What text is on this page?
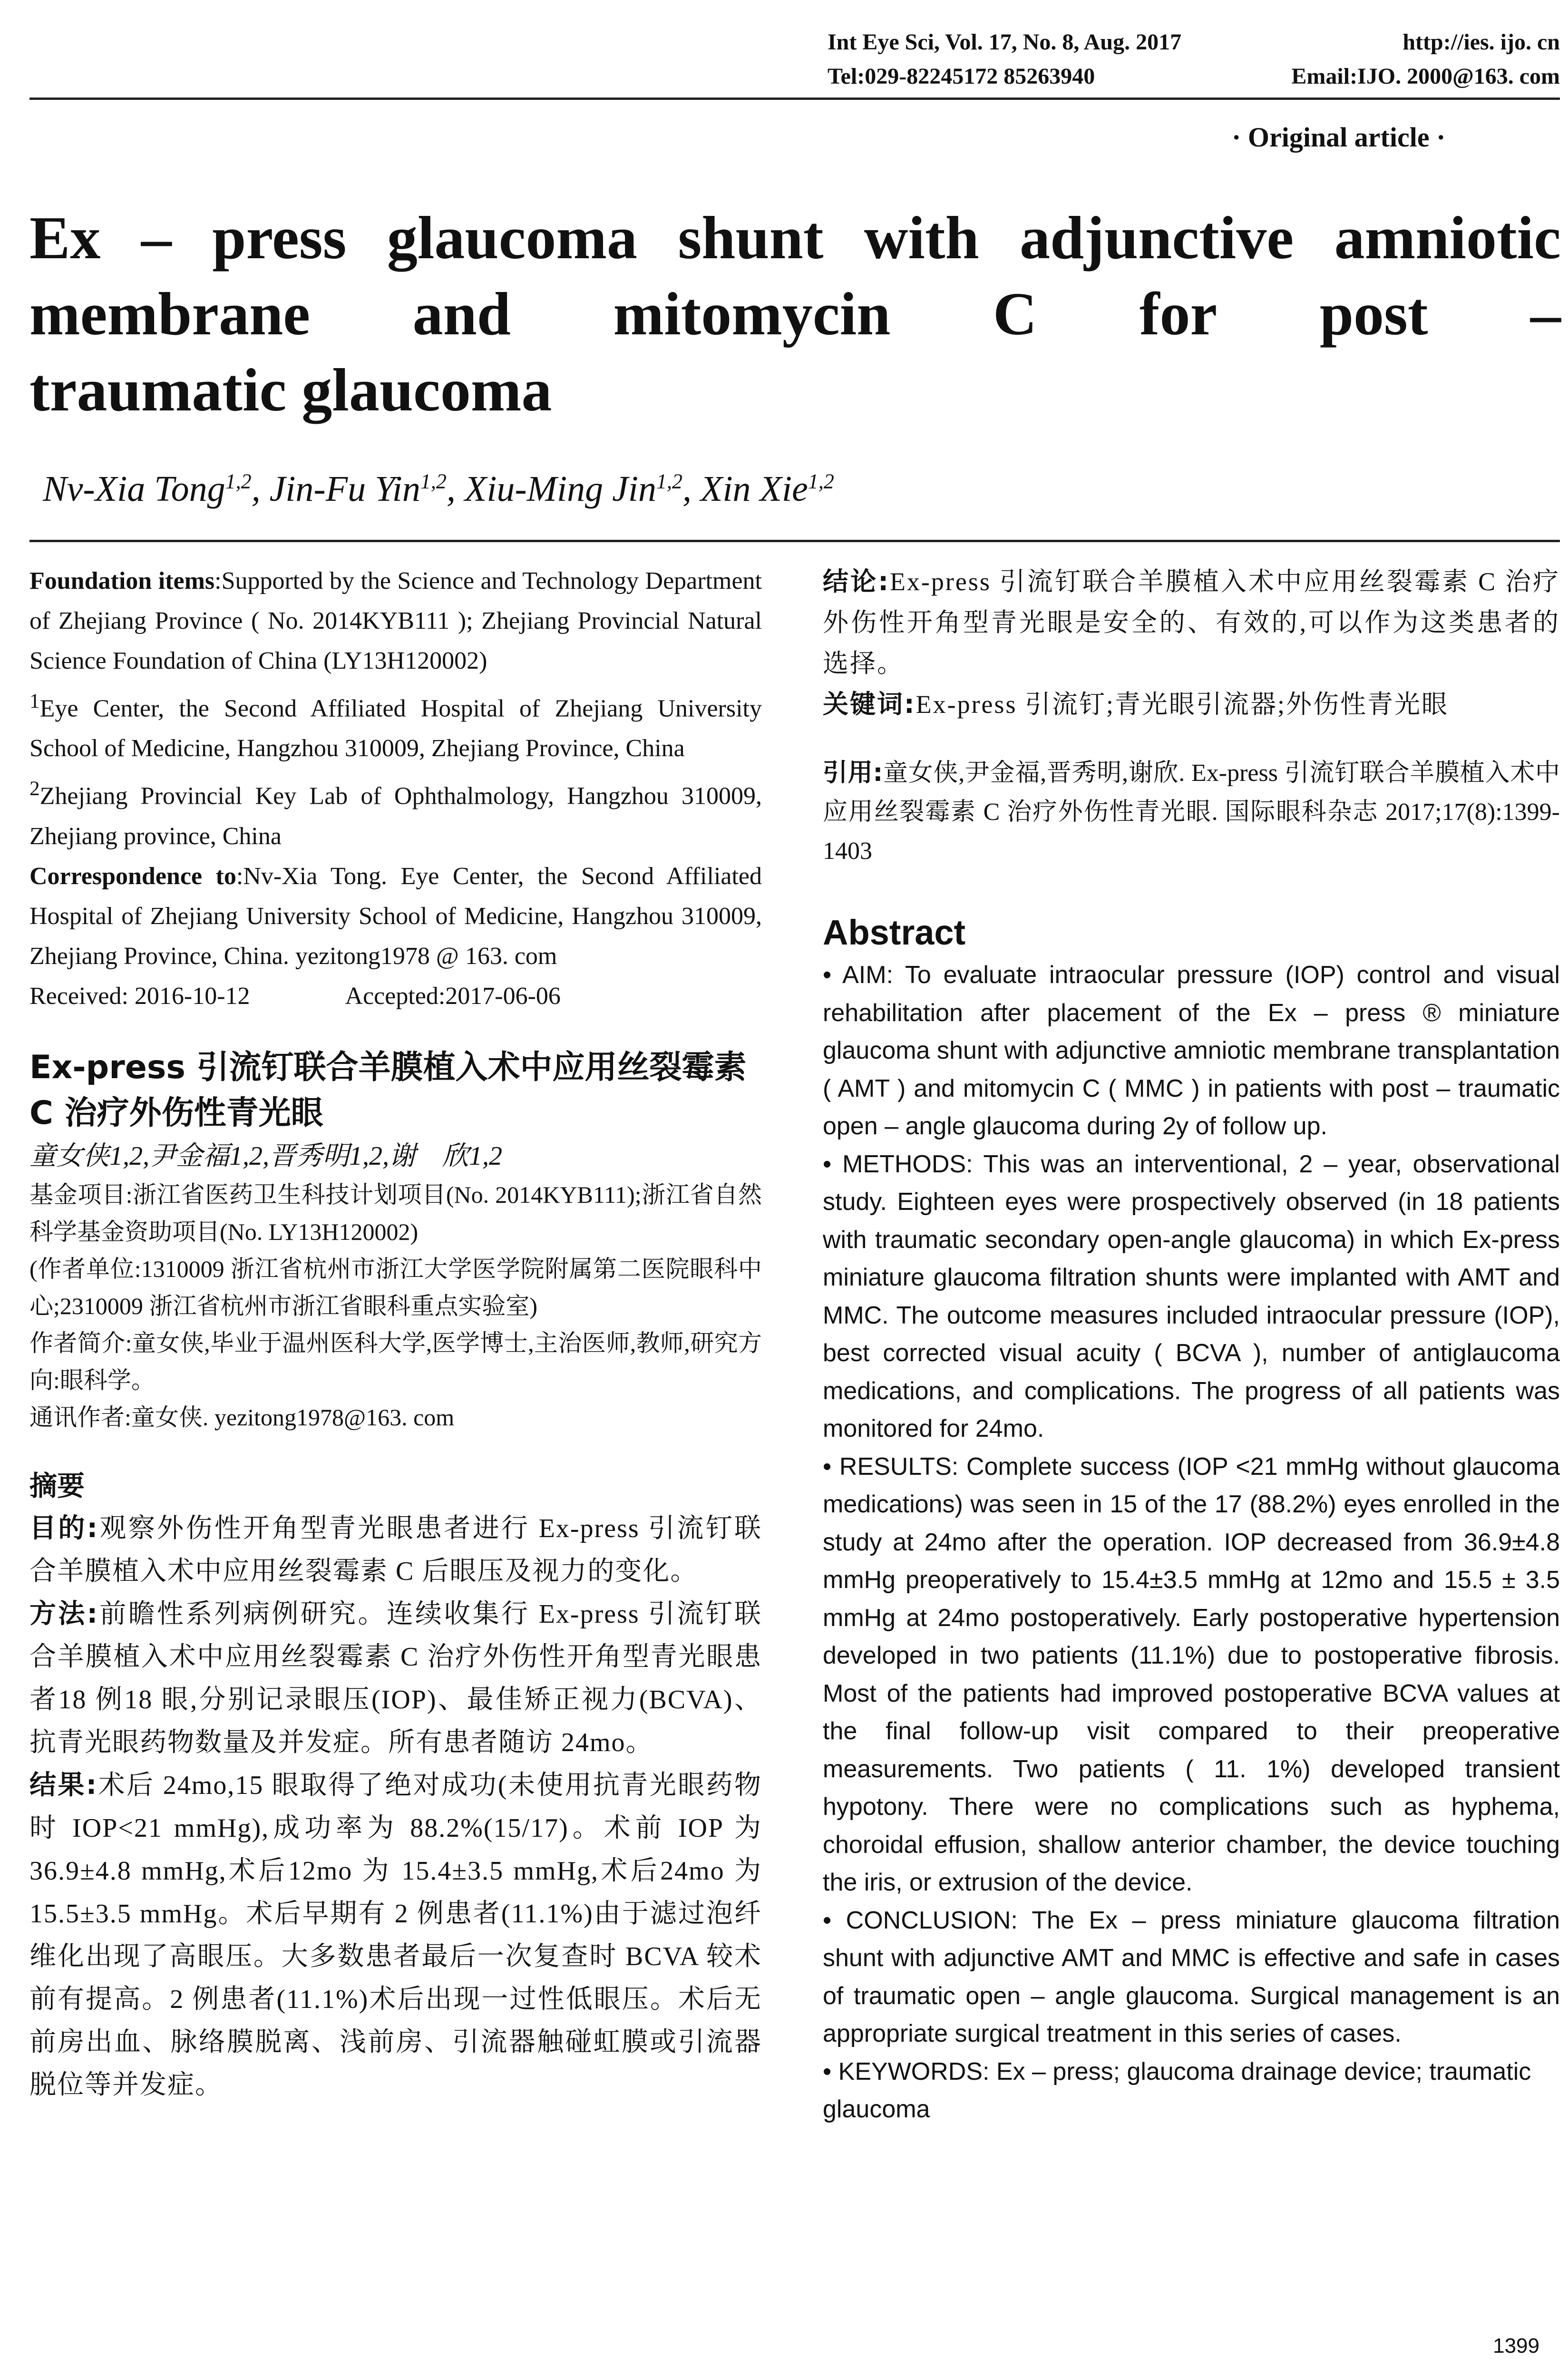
Int Eye Sci, Vol. 17, No. 8, Aug. 2017	http://ies. ijo. cn
Tel:029-82245172 85263940	Email:IJO. 2000@163. com
· Original article ·
Ex – press glaucoma shunt with adjunctive amniotic
membrane and mitomycin C for post –
traumatic glaucoma
Nv-Xia Tong$^{1,2}$, Jin-Fu Yin$^{1,2}$, Xiu-Ming Jin$^{1,2}$, Xin Xie$^{1,2}$

Foundation items:Supported by the Science and Technology Department of Zhejiang Province ( No. 2014KYB111 ); Zhejiang Provincial Natural Science Foundation of China (LY13H120002)

$^1$Eye Center, the Second Affiliated Hospital of Zhejiang University School of Medicine, Hangzhou 310009, Zhejiang Province, China

$^2$Zhejiang Provincial Key Lab of Ophthalmology, Hangzhou 310009, Zhejiang province, China

Correspondence to:Nv-Xia Tong. Eye Center, the Second Affiliated Hospital of Zhejiang University School of Medicine, Hangzhou 310009, Zhejiang Province, China. yezitong1978 @ 163. com

Received: 2016-10-12	Accepted:2017-06-06

Ex-press 引流钉联合羊膜植入术中应用丝裂霉素 C 治疗外伤性青光眼

童女侠1,2,尹金福1,2,晋秀明1,2,谢　欣1,2

基金项目:浙江省医药卫生科技计划项目(No. 2014KYB111);浙江省自然科学基金资助项目(No. LY13H120002)

(作者单位:1310009 浙江省杭州市浙江大学医学院附属第二医院眼科中心;2310009 浙江省杭州市浙江省眼科重点实验室)

作者简介:童女侠,毕业于温州医科大学,医学博士,主治医师,教师,研究方向:眼科学。

通讯作者:童女侠. yezitong1978@163. com

摘要

目的:观察外伤性开角型青光眼患者进行 Ex-press 引流钉联合羊膜植入术中应用丝裂霉素 C 后眼压及视力的变化。

方法:前瞻性系列病例研究。连续收集行 Ex-press 引流钉联合羊膜植入术中应用丝裂霉素 C 治疗外伤性开角型青光眼患者18 例18 眼,分别记录眼压(IOP)、最佳矫正视力(BCVA)、抗青光眼药物数量及并发症。所有患者随访 24mo。

结果:术后 24mo,15 眼取得了绝对成功(未使用抗青光眼药物时 IOP<21 mmHg),成功率为 88.2%(15/17)。术前 IOP 为 36.9±4.8 mmHg,术后12mo 为 15.4±3.5 mmHg,术后24mo 为 15.5±3.5 mmHg。术后早期有 2 例患者(11.1%)由于滤过泡纤维化出现了高眼压。大多数患者最后一次复查时 BCVA 较术前有提高。2 例患者(11.1%)术后出现一过性低眼压。术后无前房出血、脉络膜脱离、浅前房、引流器触碰虹膜或引流器脱位等并发症。

结论:Ex-press 引流钉联合羊膜植入术中应用丝裂霉素 C 治疗外伤性开角型青光眼是安全的、有效的,可以作为这类患者的选择。

关键词:Ex-press 引流钉;青光眼引流器;外伤性青光眼

引用:童女侠,尹金福,晋秀明,谢欣. Ex-press 引流钉联合羊膜植入术中应用丝裂霉素 C 治疗外伤性青光眼. 国际眼科杂志 2017;17(8):1399-1403

Abstract

• AIM: To evaluate intraocular pressure (IOP) control and visual rehabilitation after placement of the Ex – press ® miniature glaucoma shunt with adjunctive amniotic membrane transplantation ( AMT ) and mitomycin C ( MMC ) in patients with post – traumatic open – angle glaucoma during 2y of follow up.

• METHODS: This was an interventional, 2 – year, observational study. Eighteen eyes were prospectively observed (in 18 patients with traumatic secondary open-angle glaucoma) in which Ex-press miniature glaucoma filtration shunts were implanted with AMT and MMC. The outcome measures included intraocular pressure (IOP), best corrected visual acuity ( BCVA ), number of antiglaucoma medications, and complications. The progress of all patients was monitored for 24mo.

• RESULTS: Complete success (IOP <21 mmHg without glaucoma medications) was seen in 15 of the 17 (88.2%) eyes enrolled in the study at 24mo after the operation. IOP decreased from 36.9±4.8 mmHg preoperatively to 15.4±3.5 mmHg at 12mo and 15.5 ± 3.5 mmHg at 24mo postoperatively. Early postoperative hypertension developed in two patients (11.1%) due to postoperative fibrosis. Most of the patients had improved postoperative BCVA values at the final follow-up visit compared to their preoperative measurements. Two patients ( 11. 1%) developed transient hypotony. There were no complications such as hyphema, choroidal effusion, shallow anterior chamber, the device touching the iris, or extrusion of the device.

• CONCLUSION: The Ex – press miniature glaucoma filtration shunt with adjunctive AMT and MMC is effective and safe in cases of traumatic open – angle glaucoma. Surgical management is an appropriate surgical treatment in this series of cases.

• KEYWORDS: Ex – press; glaucoma drainage device; traumatic glaucoma

1399
